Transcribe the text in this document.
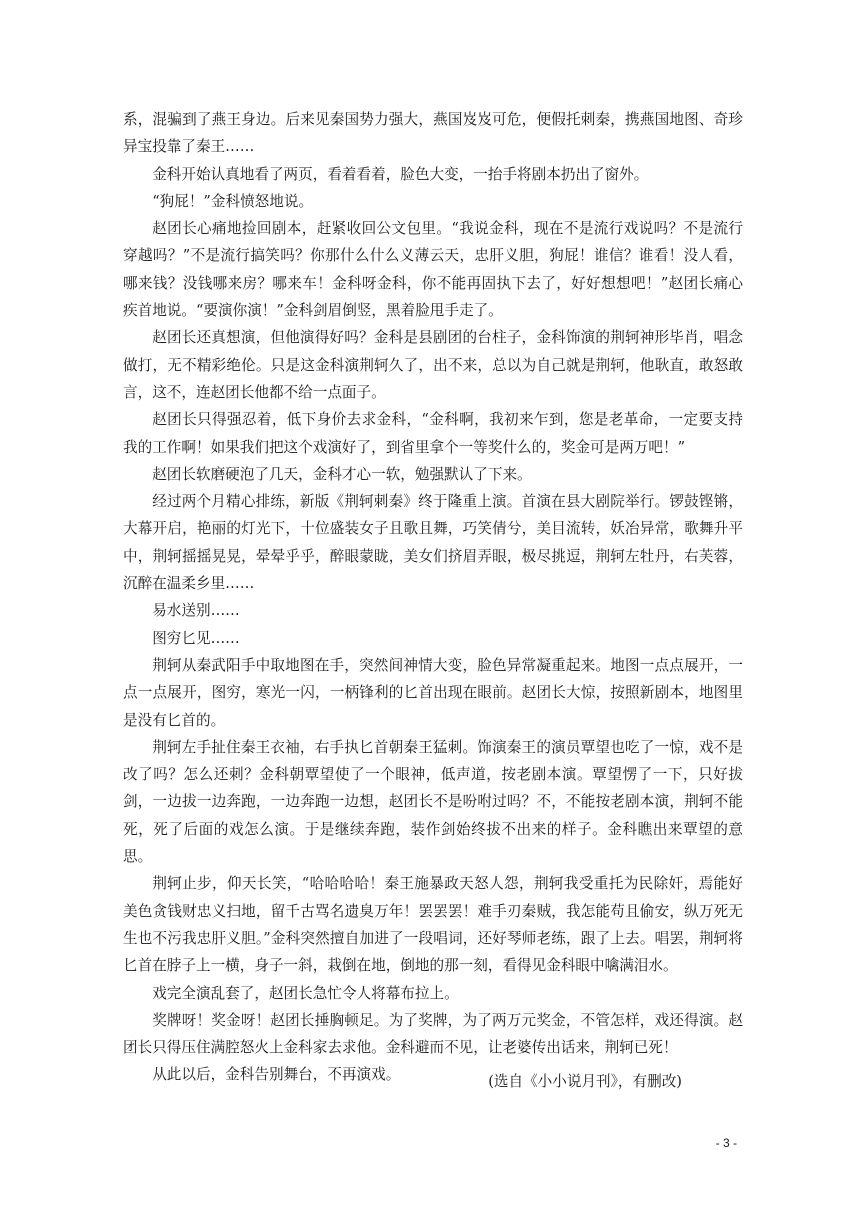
系，混骗到了燕王身边。后来见秦国势力强大，燕国岌岌可危，便假托刺秦，携燕国地图、奇珍异宝投靠了秦王……

金科开始认真地看了两页，看着看着，脸色大变，一抬手将剧本扔出了窗外。

“狗屁！”金科愤怒地说。

赵团长心痛地捡回剧本，赶紧收回公文包里。“我说金科，现在不是流行戏说吗？不是流行穿越吗？”不是流行搞笑吗？你那什么什么义薄云天，忠肝义胆，狗屁！谁信？谁看！没人看，哪来钱？没钱哪来房？哪来车！金科呀金科，你不能再固执下去了，好好想想吧！”赵团长痛心疾首地说。“要演你演！”金科剑眉倒竖，黑着脸甩手走了。

赵团长还真想演，但他演得好吗？金科是县剧团的台柱子，金科饰演的荆轲神形毕肖，唱念做打，无不精彩绝伦。只是这金科演荆轲久了，出不来，总以为自己就是荆轲，他耿直，敢怒敢言，这不，连赵团长他都不给一点面子。

赵团长只得强忍着，低下身价去求金科，“金科啊，我初来乍到，您是老革命，一定要支持我的工作啊！如果我们把这个戏演好了，到省里拿个一等奖什么的，奖金可是两万吧！”

赵团长软磨硬泡了几天，金科才心一软，勉强默认了下来。

经过两个月精心排练，新版《荆轲刺秦》终于隆重上演。首演在县大剧院举行。锣鼓铿锵，大幕开启，艳丽的灯光下，十位盛装女子且歌且舞，巧笑倩兮，美目流转，妖冶异常，歌舞升平中，荆轲摇摇晃晃，晕晕乎乎，醉眼蒙眬，美女们挤眉弄眼，极尽挑逗，荆轲左牡丹，右芙蓉，沉醉在温柔乡里……

易水送别……

图穷匕见……

荆轲从秦武阳手中取地图在手，突然间神情大变，脸色异常凝重起来。地图一点点展开，一点一点展开，图穷，寒光一闪，一柄锋利的匕首出现在眼前。赵团长大惊，按照新剧本，地图里是没有匕首的。

荆轲左手扯住秦王衣袖，右手执匕首朝秦王猛刺。饰演秦王的演员覃望也吃了一惊，戏不是改了吗？怎么还刺？金科朝覃望使了一个眼神，低声道，按老剧本演。覃望愣了一下，只好拔剑，一边拔一边奔跑，一边奔跑一边想，赵团长不是吩咐过吗？不，不能按老剧本演，荆轲不能死，死了后面的戏怎么演。于是继续奔跑，装作剑始终拔不出来的样子。金科瞧出来覃望的意思。

荆轲止步，仰天长笑，“哈哈哈哈！秦王施暴政天怒人怨，荆轲我受重托为民除奸，焉能好美色贪钱财忠义扫地，留千古骂名遗臭万年！罢罢罢！难手刃秦贼，我怎能苟且偷安，纵万死无生也不污我忠肝义胆。”金科突然擅自加进了一段唱词，还好琴师老练，跟了上去。唱罢，荆轲将匕首在脖子上一横，身子一斜，栽倒在地，倒地的那一刻，看得见金科眼中噙满泪水。

戏完全演乱套了，赵团长急忙令人将幕布拉上。

奖牌呀！奖金呀！赵团长捶胸顿足。为了奖牌，为了两万元奖金，不管怎样，戏还得演。赵团长只得压住满腔怒火上金科家去求他。金科避而不见，让老婆传出话来，荆轲已死！

从此以后，金科告别舞台，不再演戏。	(选自《小小说月刊》，有删改)
- 3 -
